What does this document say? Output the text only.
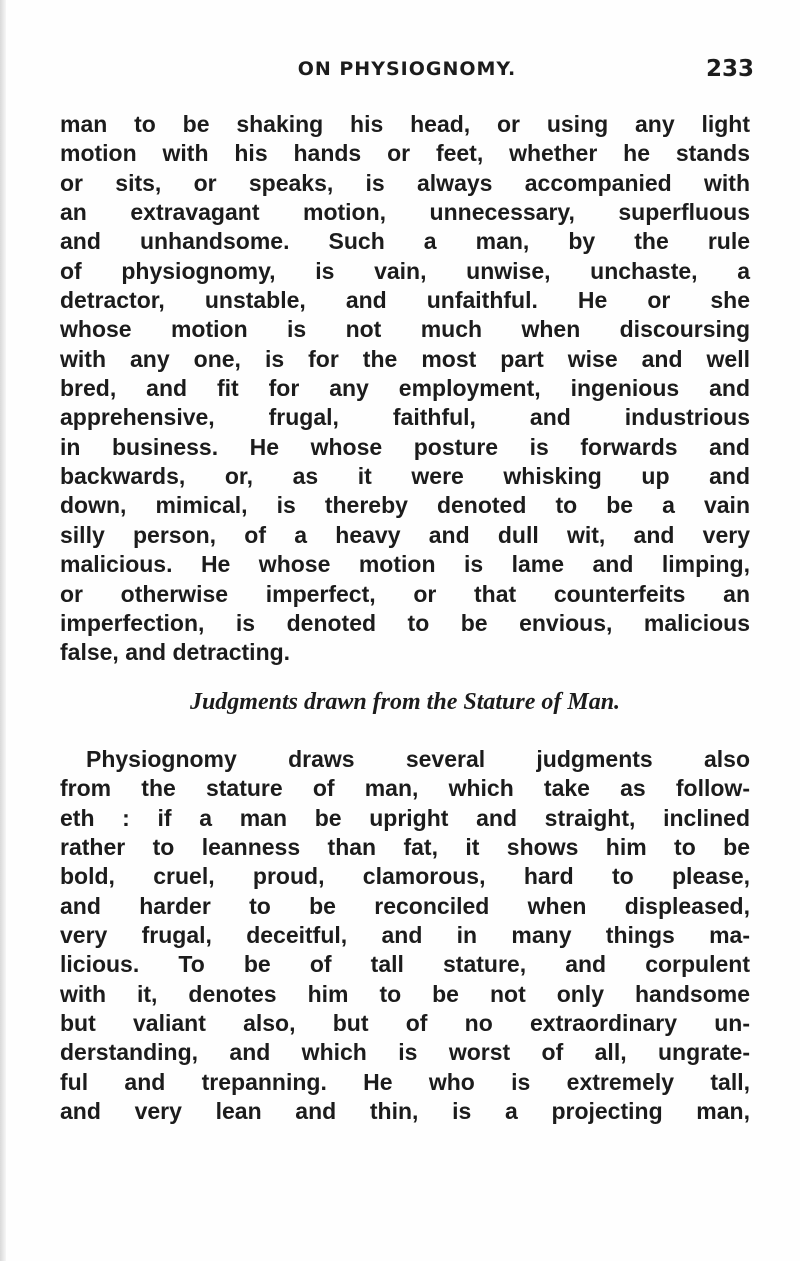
ON PHYSIOGNOMY.	233
man to be shaking his head, or using any light
motion with his hands or feet, whether he stands
or sits, or speaks, is always accompanied with
an extravagant motion, unnecessary, superfluous
and unhandsome. Such a man, by the rule
of physiognomy, is vain, unwise, unchaste, a
detractor, unstable, and unfaithful. He or she
whose motion is not much when discoursing
with any one, is for the most part wise and well
bred, and fit for any employment, ingenious and
apprehensive, frugal, faithful, and industrious
in business. He whose posture is forwards and
backwards, or, as it were whisking up and
down, mimical, is thereby denoted to be a vain
silly person, of a heavy and dull wit, and very
malicious. He whose motion is lame and limping,
or otherwise imperfect, or that counterfeits an
imperfection, is denoted to be envious, malicious
false, and detracting.
Judgments drawn from the Stature of Man.
Physiognomy draws several judgments also
from the stature of man, which take as follow-
eth : if a man be upright and straight, inclined
rather to leanness than fat, it shows him to be
bold, cruel, proud, clamorous, hard to please,
and harder to be reconciled when displeased,
very frugal, deceitful, and in many things ma-
licious. To be of tall stature, and corpulent
with it, denotes him to be not only handsome
but valiant also, but of no extraordinary un-
derstanding, and which is worst of all, ungrate-
ful and trepanning. He who is extremely tall,
and very lean and thin, is a projecting man,
